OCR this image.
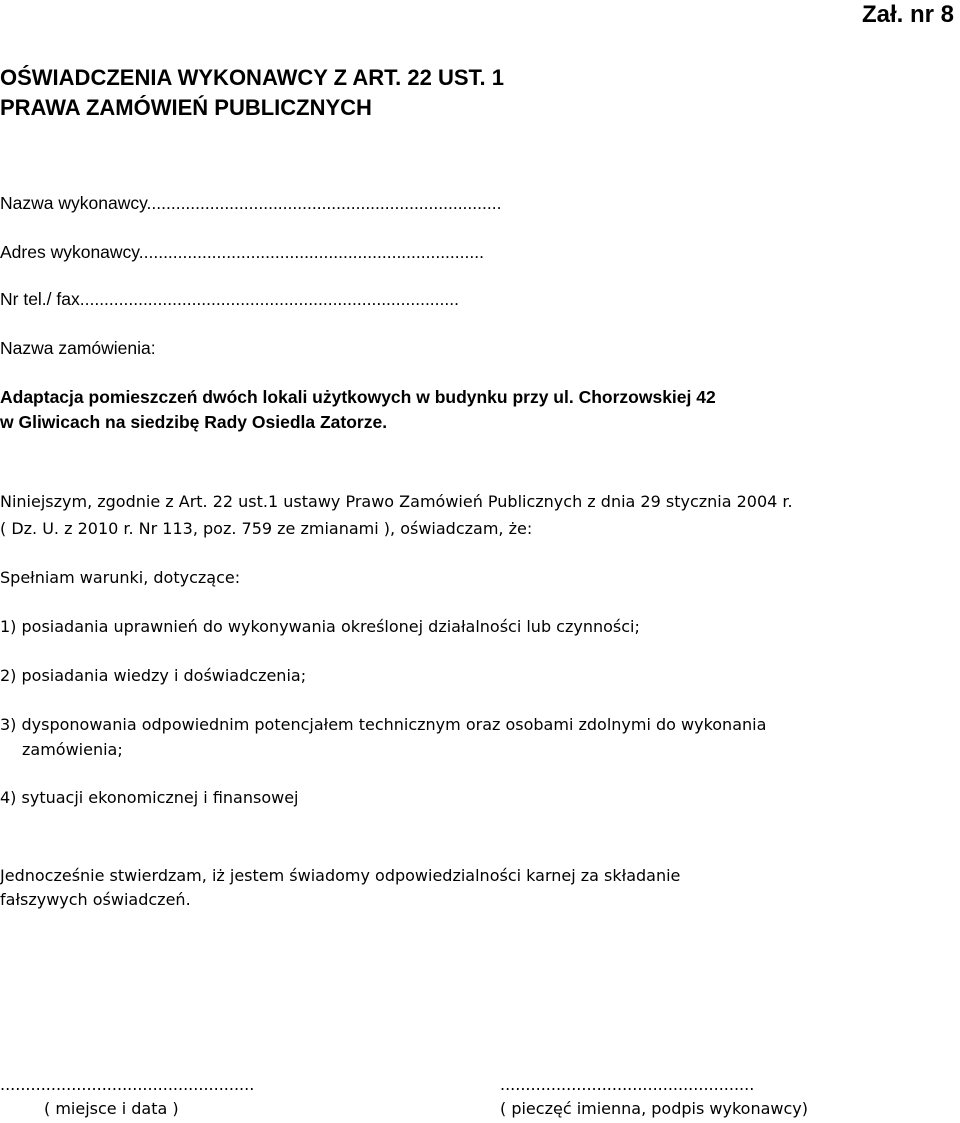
Zał. nr 8
OŚWIADCZENIA WYKONAWCY Z ART. 22 UST. 1
PRAWA ZAMÓWIEŃ PUBLICZNYCH
Nazwa wykonawcy.........................................................................
Adres wykonawcy.......................................................................
Nr tel./ fax..............................................................................
Nazwa zamówienia:
Adaptacja pomieszczeń dwóch lokali użytkowych w budynku przy ul. Chorzowskiej 42
w Gliwicach na siedzibę Rady Osiedla Zatorze.
Niniejszym, zgodnie z Art. 22 ust.1 ustawy Prawo Zamówień Publicznych z dnia 29 stycznia 2004 r.
( Dz. U. z 2010 r. Nr 113, poz. 759 ze zmianami ), oświadczam, że:
Spełniam warunki, dotyczące:
1) posiadania uprawnień do wykonywania określonej działalności lub czynności;
2) posiadania wiedzy i doświadczenia;
3) dysponowania odpowiednim potencjałem technicznym oraz osobami zdolnymi do wykonania
zamówienia;
4) sytuacji ekonomicznej i finansowej
Jednocześnie stwierdzam, iż jestem świadomy odpowiedzialności karnej za składanie
fałszywych oświadczeń.
..................................................
( miejsce i data )
..................................................
( pieczęć imienna, podpis wykonawcy)
